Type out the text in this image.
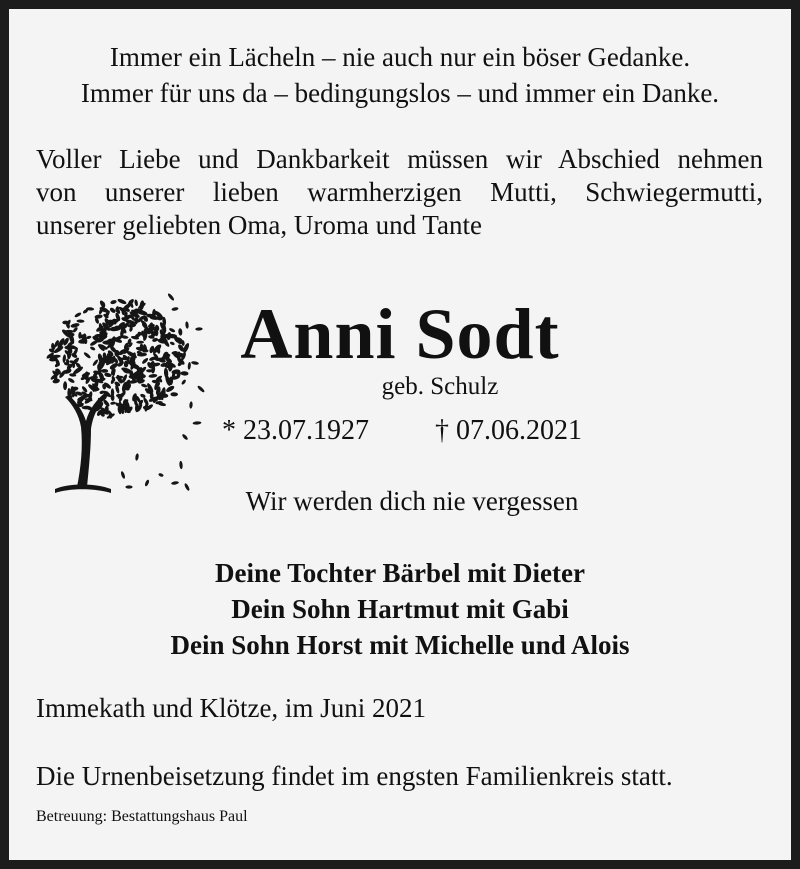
Immer ein Lächeln – nie auch nur ein böser Gedanke.

Immer für uns da – bedingungslos – und immer ein Danke.

Voller Liebe und Dankbarkeit müssen wir Abschied nehmen
von unserer lieben warmherzigen Mutti, Schwiegermutti,
unserer geliebten Oma, Uroma und Tante
Anni Sodt

geb. Schulz

* 23.07.1927 † 07.06.2021

Wir werden dich nie vergessen

Deine Tochter Bärbel mit Dieter

Dein Sohn Hartmut mit Gabi

Dein Sohn Horst mit Michelle und Alois

Immekath und Klötze, im Juni 2021

Die Urnenbeisetzung findet im engsten Familienkreis statt.

Betreuung: Bestattungshaus Paul
